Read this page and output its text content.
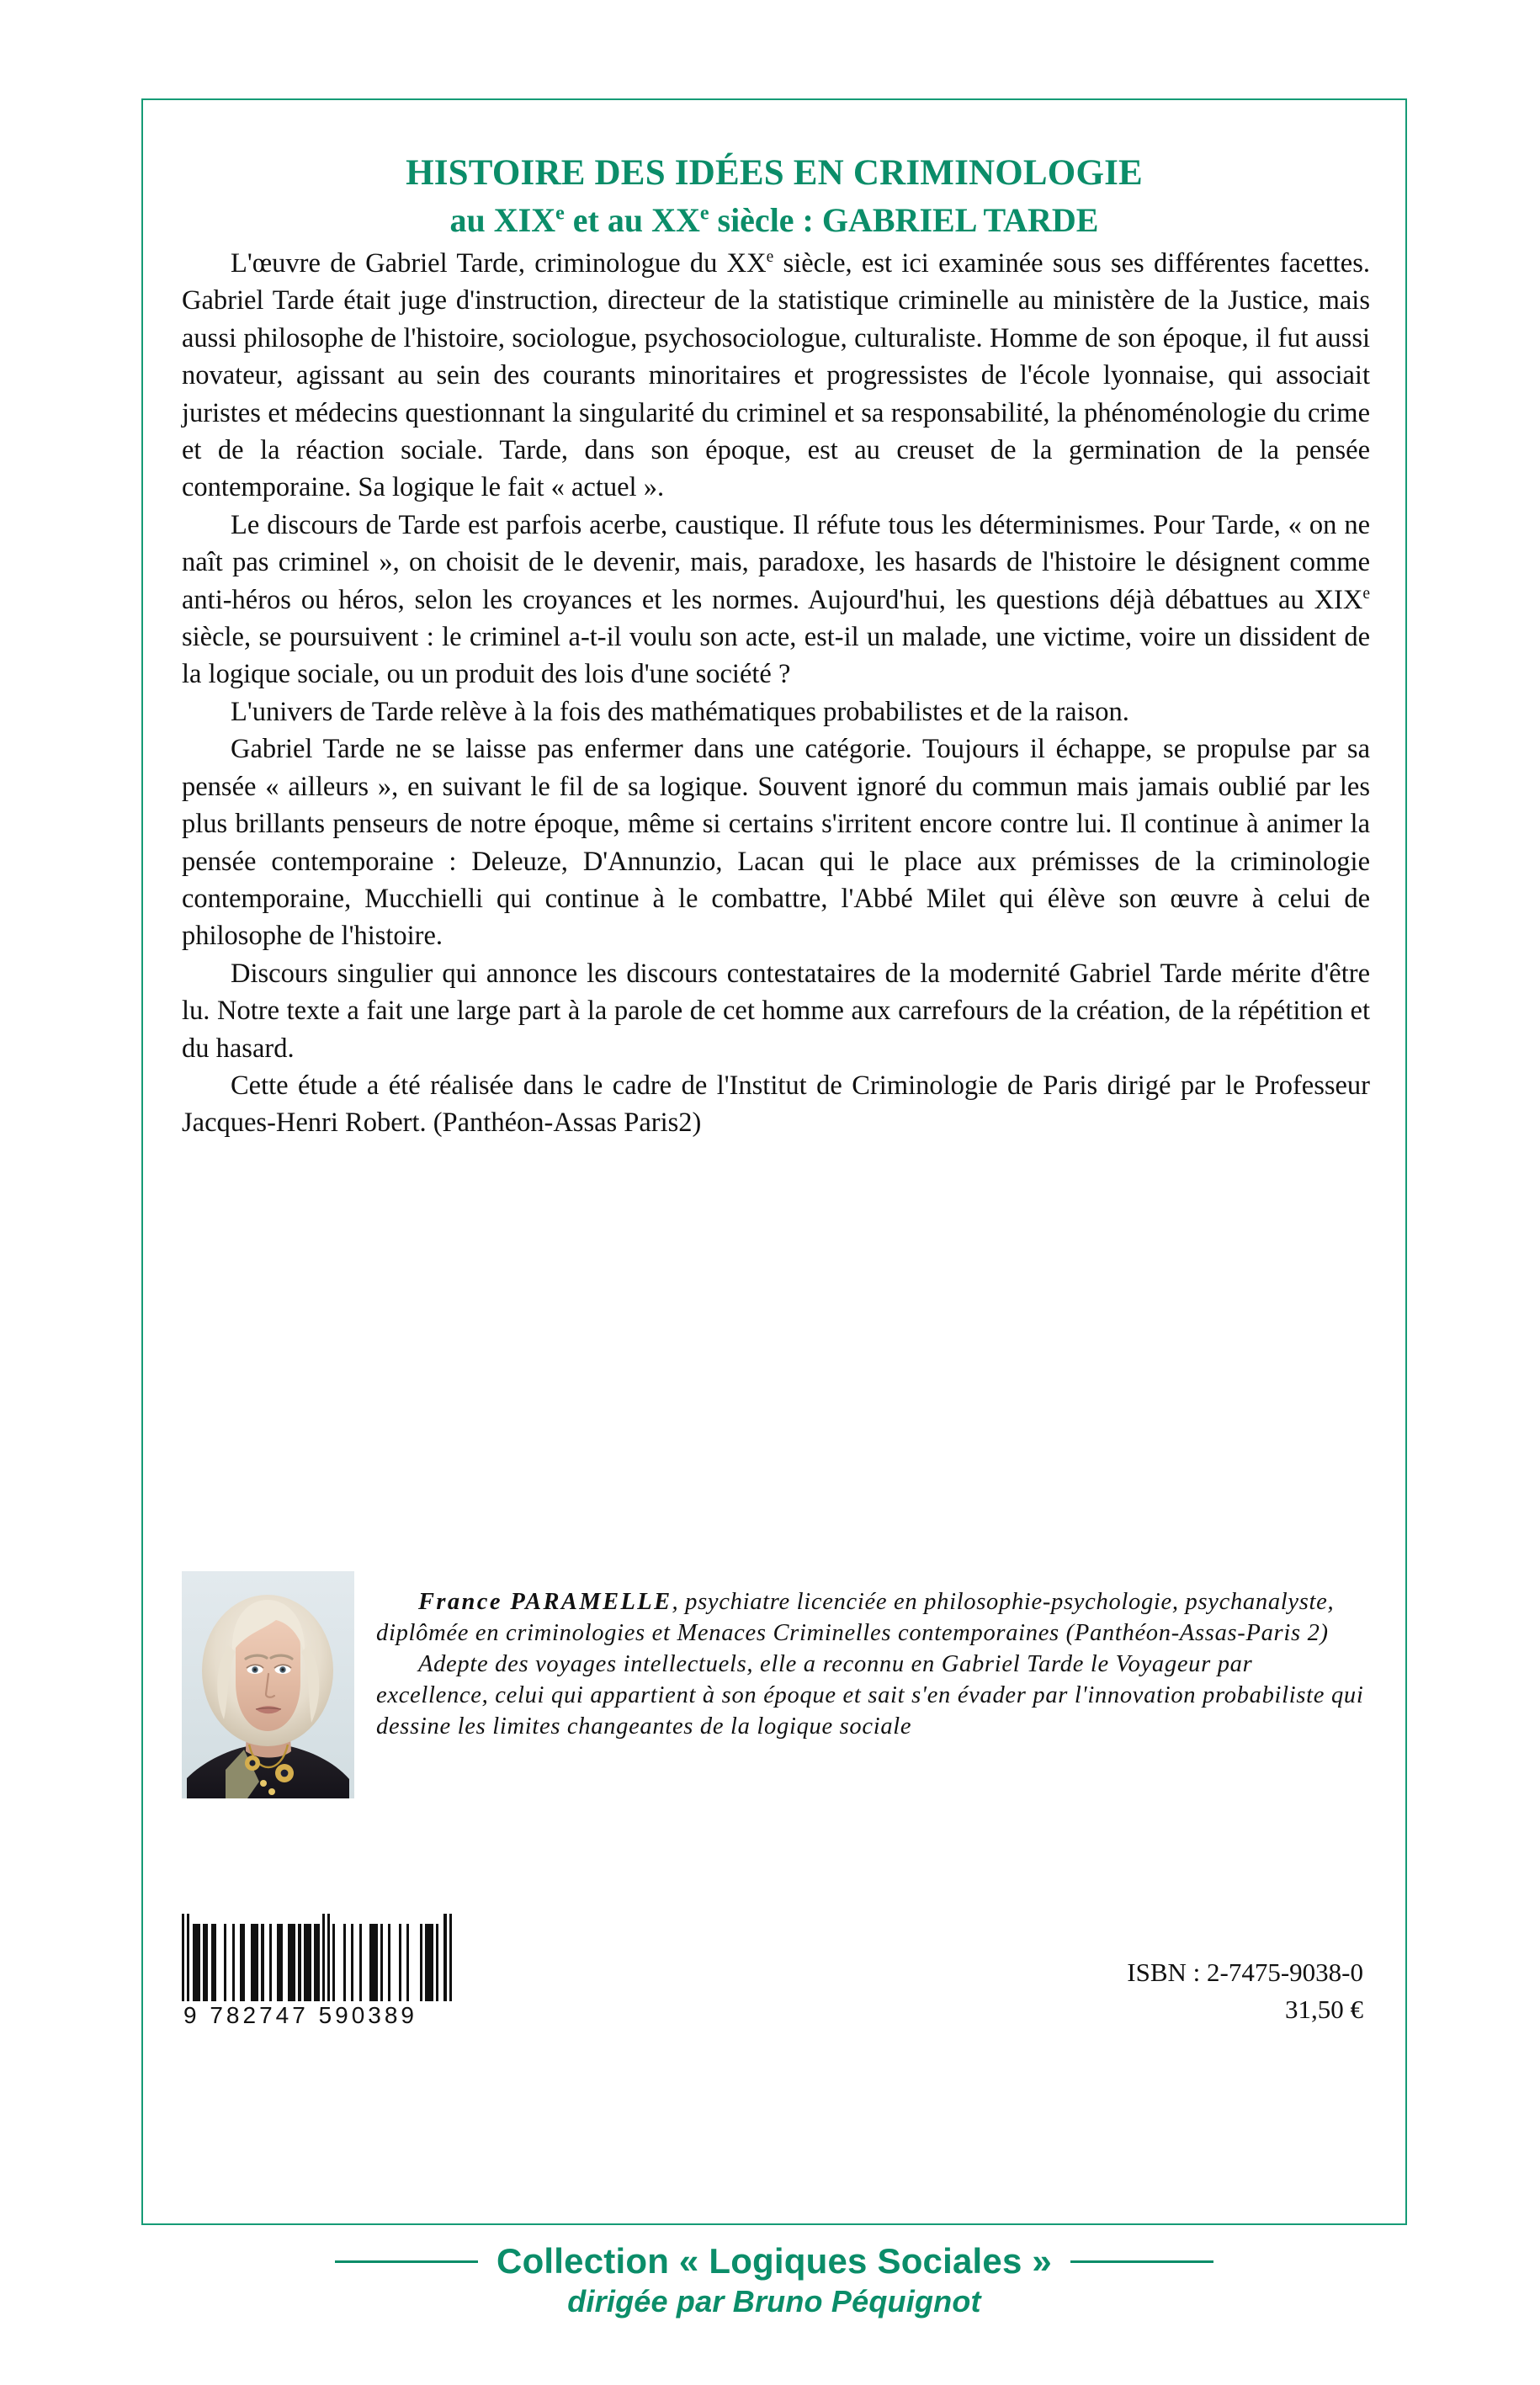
HISTOIRE DES IDÉES EN CRIMINOLOGIE
au XIXe et au XXe siècle : GABRIEL TARDE

L'œuvre de Gabriel Tarde, criminologue du XXe siècle, est ici examinée sous ses différentes facettes. Gabriel Tarde était juge d'instruction, directeur de la statistique criminelle au ministère de la Justice, mais aussi philosophe de l'histoire, sociologue, psychosociologue, culturaliste. Homme de son époque, il fut aussi novateur, agissant au sein des courants minoritaires et progressistes de l'école lyonnaise, qui associait juristes et médecins questionnant la singularité du criminel et sa responsabilité, la phénoménologie du crime et de la réaction sociale. Tarde, dans son époque, est au creuset de la germination de la pensée contemporaine. Sa logique le fait « actuel ».

Le discours de Tarde est parfois acerbe, caustique. Il réfute tous les déterminismes. Pour Tarde, « on ne naît pas criminel », on choisit de le devenir, mais, paradoxe, les hasards de l'histoire le désignent comme anti-héros ou héros, selon les croyances et les normes. Aujourd'hui, les questions déjà débattues au XIXe siècle, se poursuivent : le criminel a-t-il voulu son acte, est-il un malade, une victime, voire un dissident de la logique sociale, ou un produit des lois d'une société ?

L'univers de Tarde relève à la fois des mathématiques probabilistes et de la raison.

Gabriel Tarde ne se laisse pas enfermer dans une catégorie. Toujours il échappe, se propulse par sa pensée « ailleurs », en suivant le fil de sa logique. Souvent ignoré du commun mais jamais oublié par les plus brillants penseurs de notre époque, même si certains s'irritent encore contre lui. Il continue à animer la pensée contemporaine : Deleuze, D'Annunzio, Lacan qui le place aux prémisses de la criminologie contemporaine, Mucchielli qui continue à le combattre, l'Abbé Milet qui élève son œuvre à celui de philosophe de l'histoire.

Discours singulier qui annonce les discours contestataires de la modernité Gabriel Tarde mérite d'être lu. Notre texte a fait une large part à la parole de cet homme aux carrefours de la création, de la répétition et du hasard.

Cette étude a été réalisée dans le cadre de l'Institut de Criminologie de Paris dirigé par le Professeur Jacques-Henri Robert. (Panthéon-Assas Paris2)

France PARAMELLE, psychiatre licenciée en philosophie-psychologie, psychanalyste, diplômée en criminologies et Menaces Criminelles contemporaines (Panthéon-Assas-Paris 2)

Adepte des voyages intellectuels, elle a reconnu en Gabriel Tarde le Voyageur par excellence, celui qui appartient à son époque et sait s'en évader par l'innovation probabiliste qui dessine les limites changeantes de la logique sociale

9 782747 590389
ISBN : 2-7475-9038-0
31,50 €
Collection « Logiques Sociales »
dirigée par Bruno Péquignot
